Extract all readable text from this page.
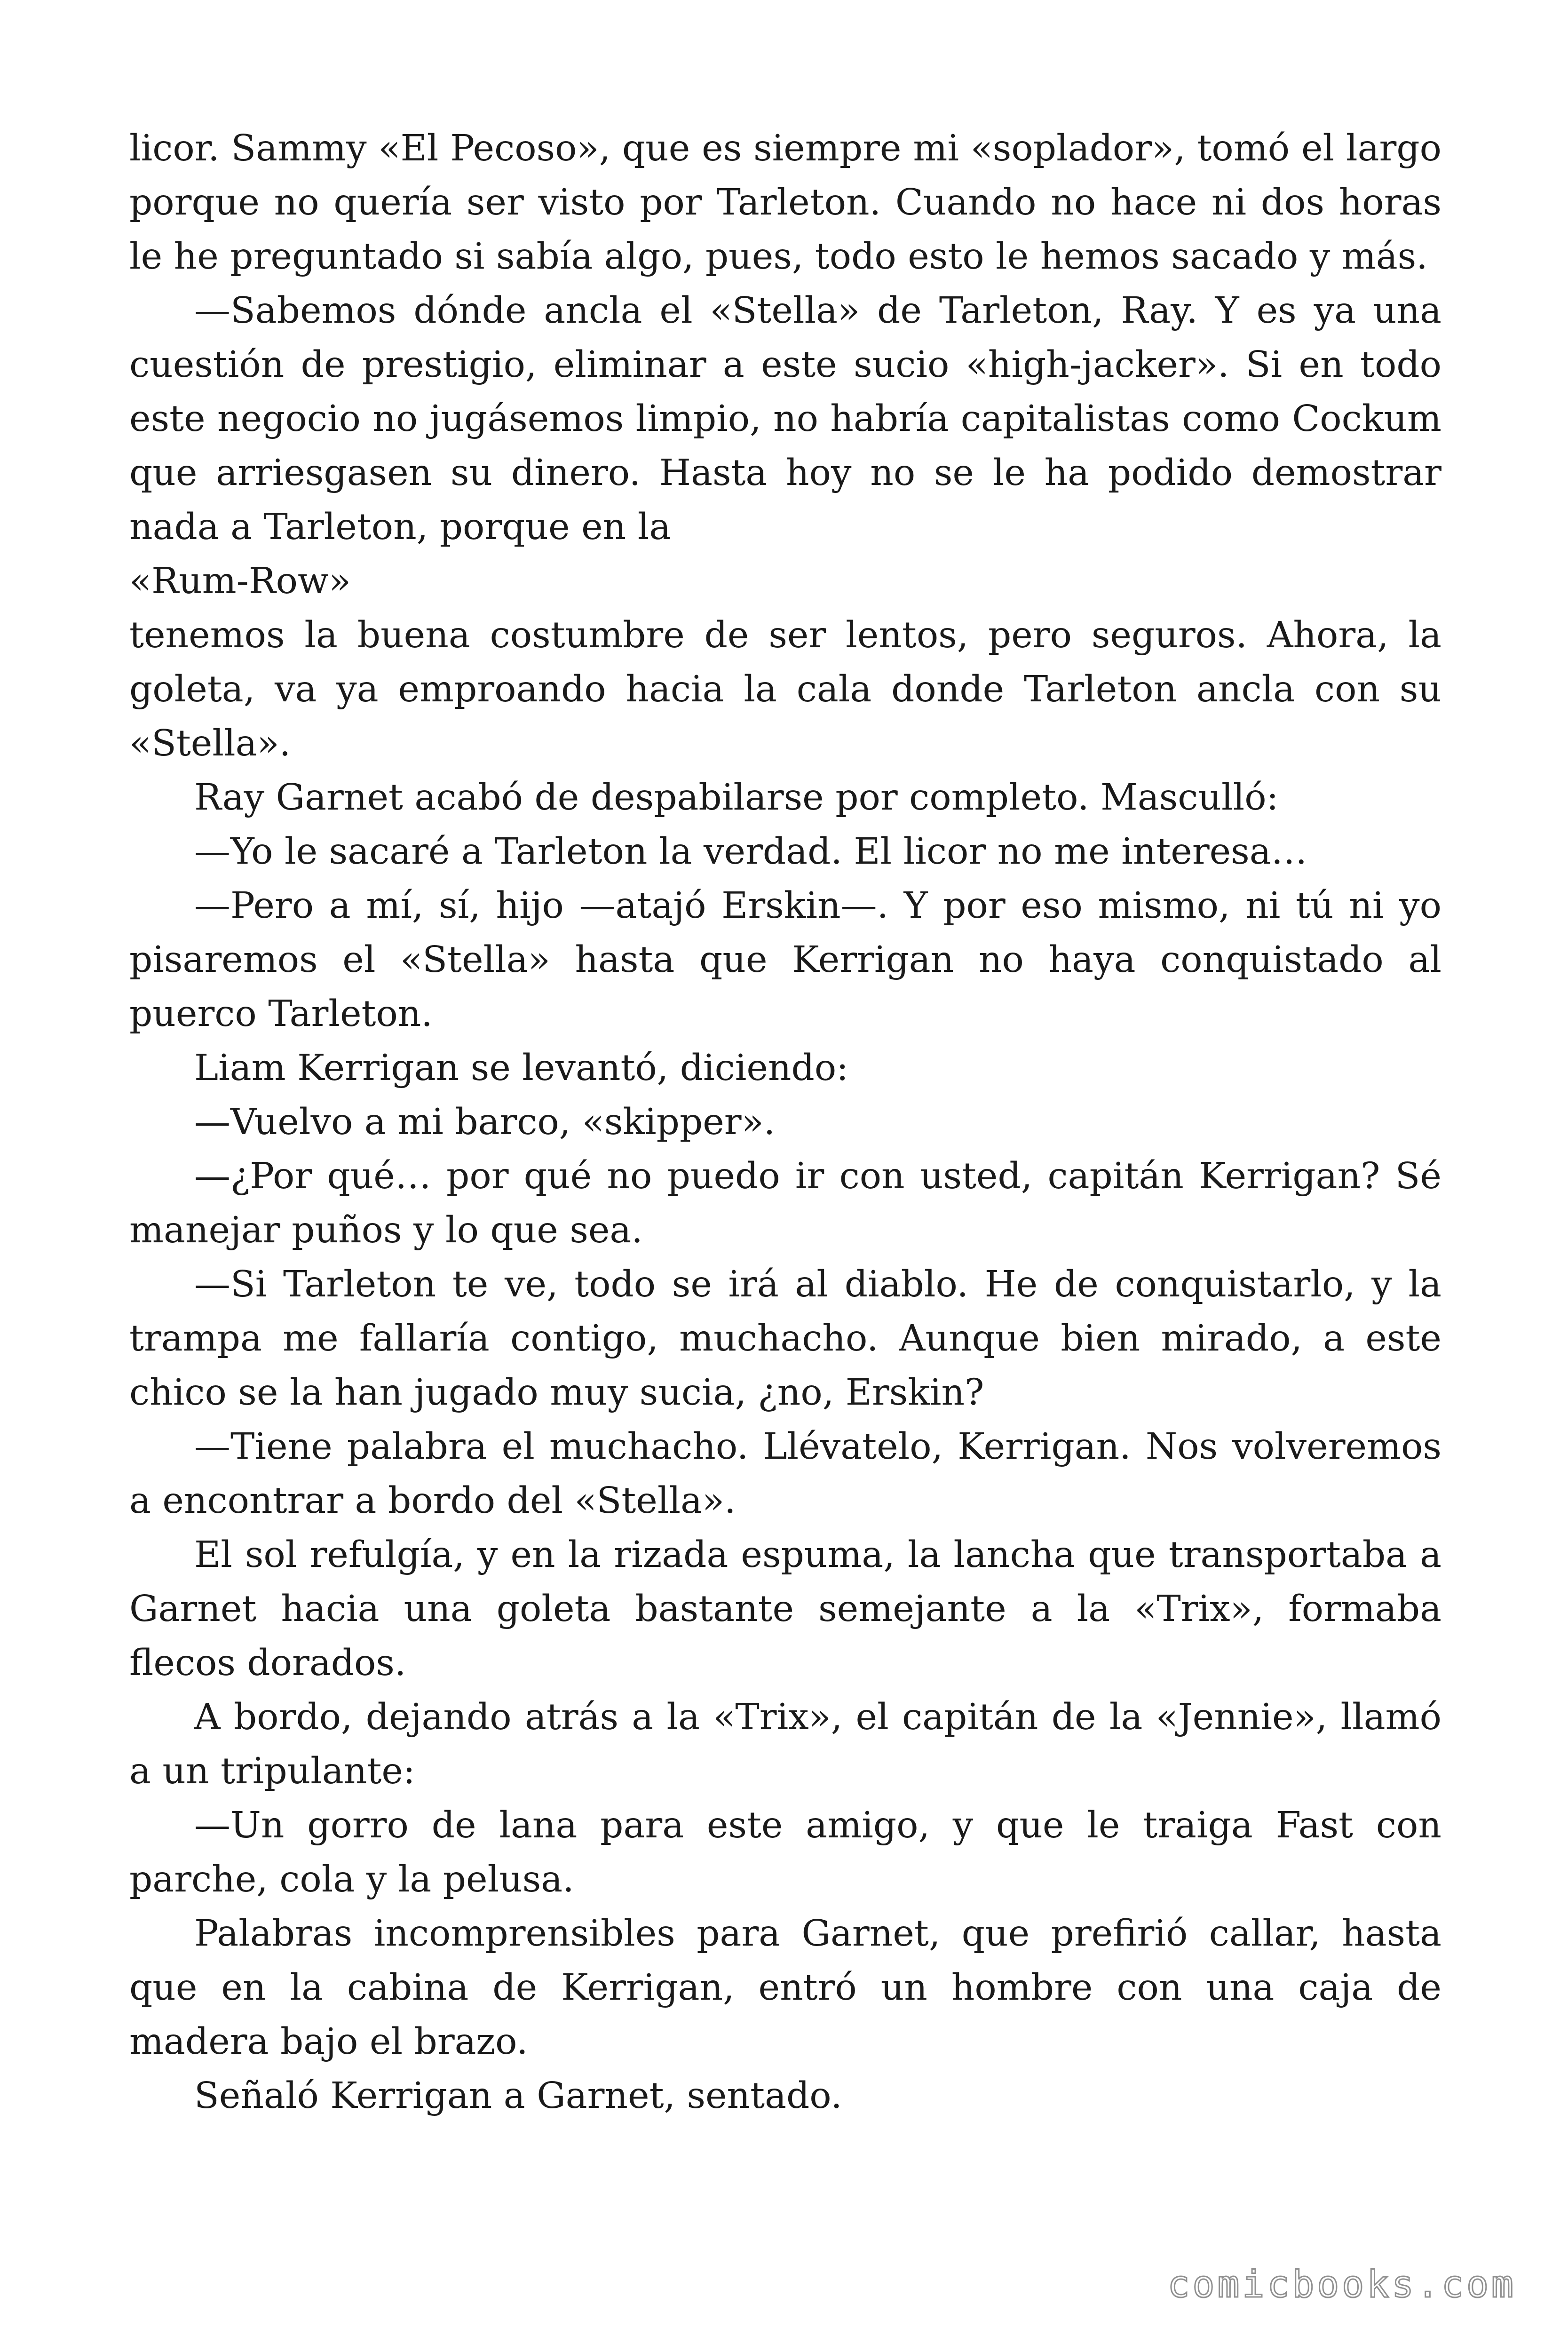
licor. Sammy «El Pecoso», que es siempre mi «soplador», tomó el largo porque no quería ser visto por Tarleton. Cuando no hace ni dos horas le he preguntado si sabía algo, pues, todo esto le hemos sacado y más.

—Sabemos dónde ancla el «Stella» de Tarleton, Ray. Y es ya una cuestión de prestigio, eliminar a este sucio «high-jacker». Si en todo este negocio no jugásemos limpio, no habría capitalistas como Cockum que arriesgasen su dinero. Hasta hoy no se le ha podido demostrar nada a Tarleton, porque en la

«Rum-Row»

tenemos la buena costumbre de ser lentos, pero seguros. Ahora, la goleta, va ya emproando hacia la cala donde Tarleton ancla con su «Stella».

Ray Garnet acabó de despabilarse por completo. Masculló:

—Yo le sacaré a Tarleton la verdad. El licor no me interesa…

—Pero a mí, sí, hijo —atajó Erskin—. Y por eso mismo, ni tú ni yo pisaremos el «Stella» hasta que Kerrigan no haya conquistado al puerco Tarleton.

Liam Kerrigan se levantó, diciendo:

—Vuelvo a mi barco, «skipper».

—¿Por qué… por qué no puedo ir con usted, capitán Kerrigan? Sé manejar puños y lo que sea.

—Si Tarleton te ve, todo se irá al diablo. He de conquistarlo, y la trampa me fallaría contigo, muchacho. Aunque bien mirado, a este chico se la han jugado muy sucia, ¿no, Erskin?

—Tiene palabra el muchacho. Llévatelo, Kerrigan. Nos volveremos a encontrar a bordo del «Stella».

El sol refulgía, y en la rizada espuma, la lancha que transportaba a Garnet hacia una goleta bastante semejante a la «Trix», formaba flecos dorados.

A bordo, dejando atrás a la «Trix», el capitán de la «Jennie», llamó a un tripulante:

—Un gorro de lana para este amigo, y que le traiga Fast con parche, cola y la pelusa.

Palabras incomprensibles para Garnet, que prefirió callar, hasta que en la cabina de Kerrigan, entró un hombre con una caja de madera bajo el brazo.

Señaló Kerrigan a Garnet, sentado.

comicbooks.com
